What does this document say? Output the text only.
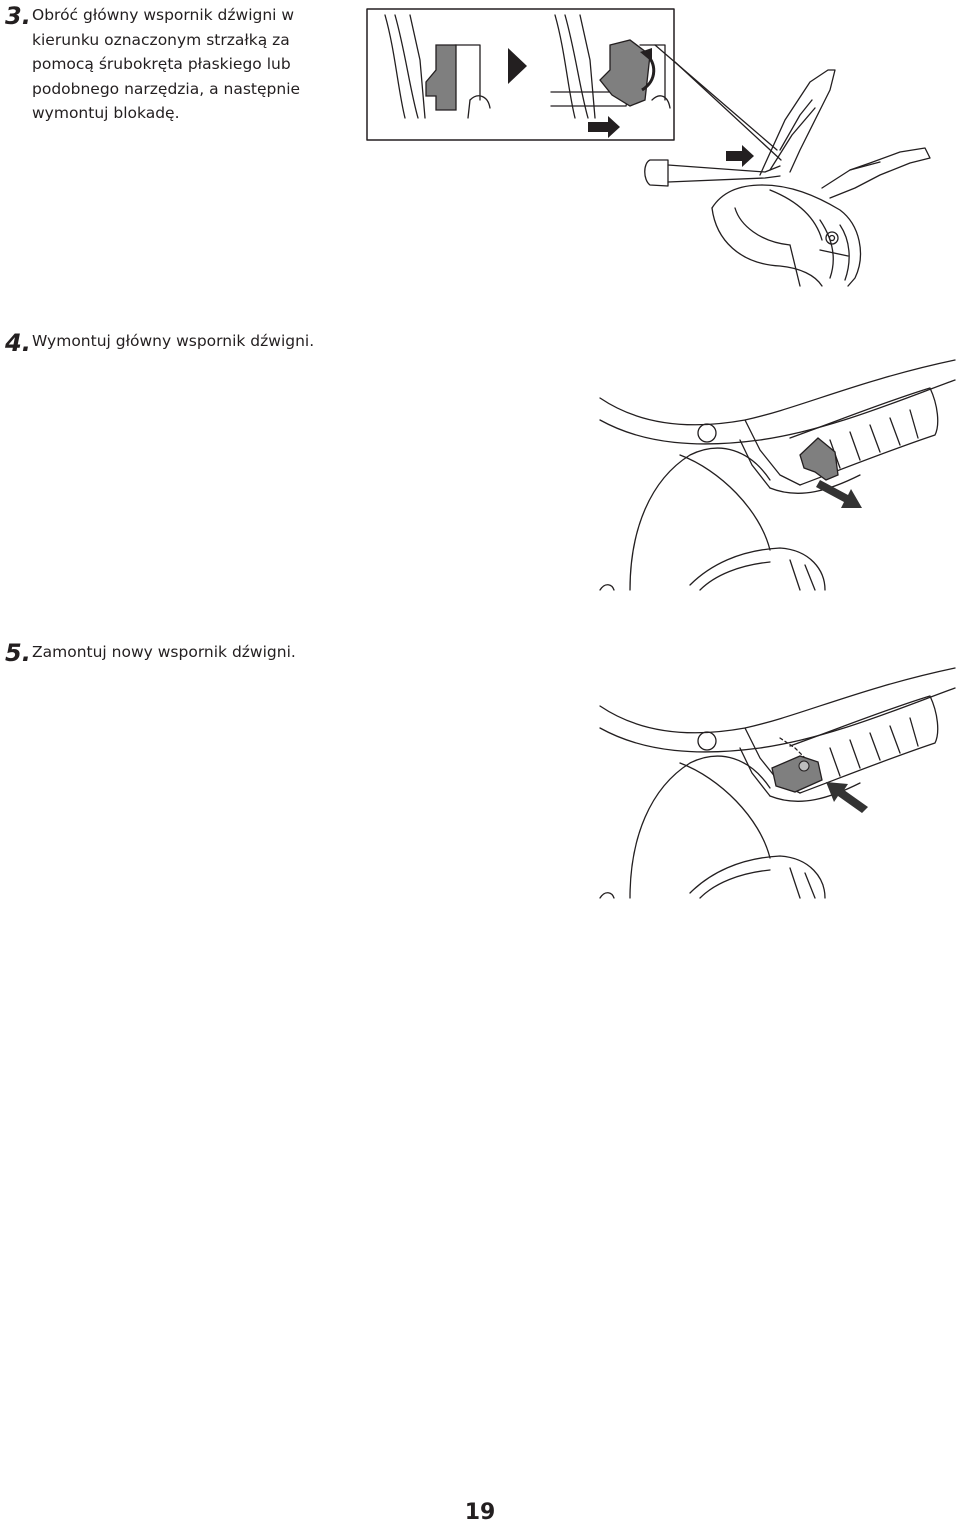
3. Obróć główny wspornik dźwigni w
kierunku oznaczonym strzałką za
pomocą śrubokręta płaskiego lub
podobnego narzędzia, a następnie
wymontuj blokadę.
4. Wymontuj główny wspornik dźwigni.
5. Zamontuj nowy wspornik dźwigni.
19
